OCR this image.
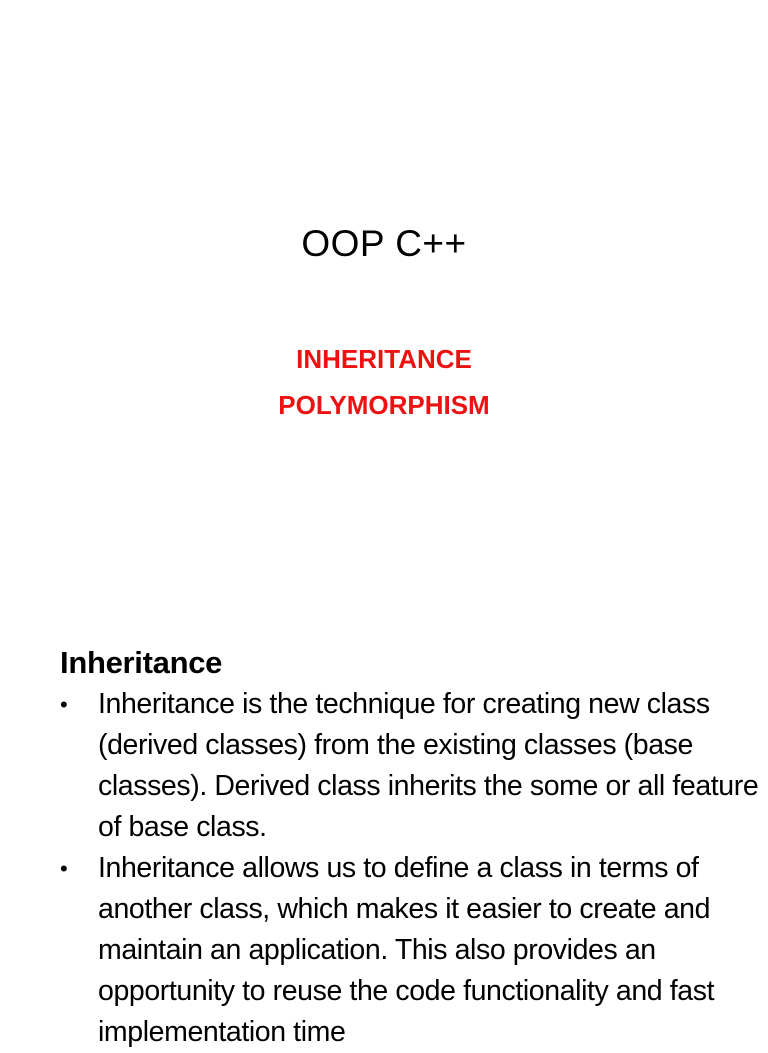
OOP C++
INHERITANCE
POLYMORPHISM
Inheritance
•	Inheritance is the technique for creating new class (derived classes) from the existing classes (base classes). Derived class inherits the some or all feature of base class.
•	Inheritance allows us to define a class in terms of another class, which makes it easier to create and maintain an application. This also provides an opportunity to reuse the code functionality and fast implementation time
